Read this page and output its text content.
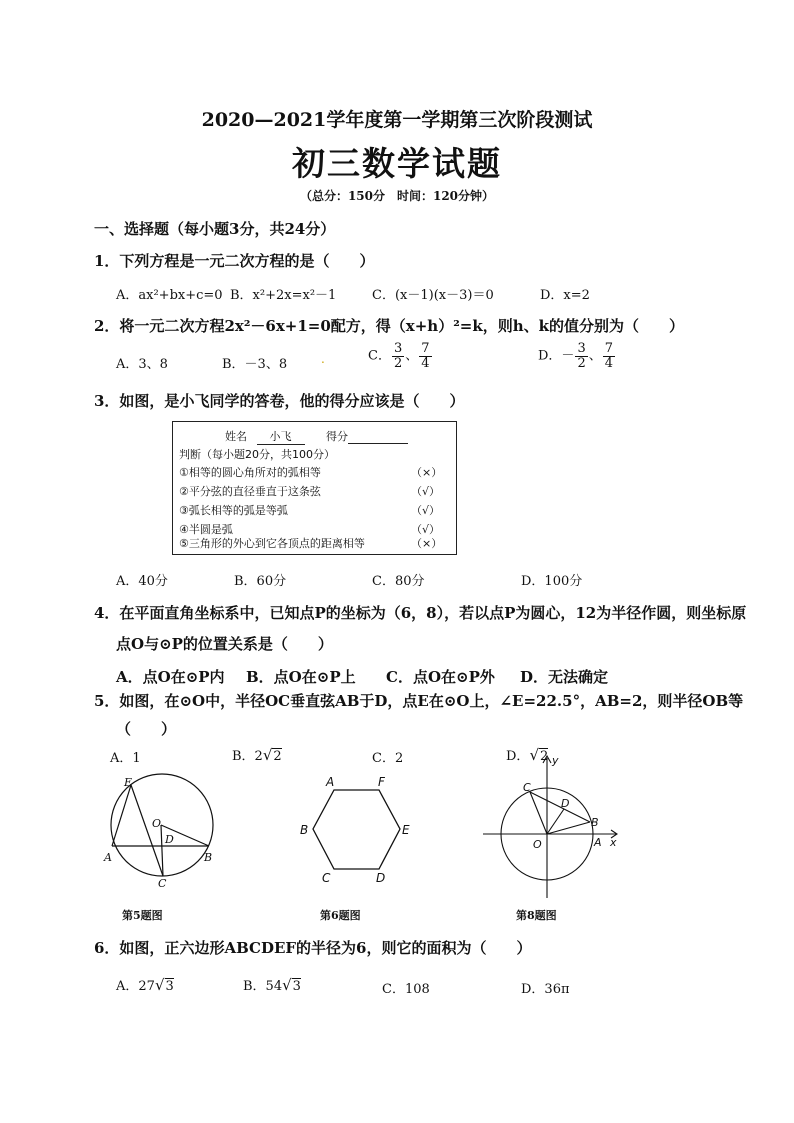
2020—2021学年度第一学期第三次阶段测试
初三数学试题
（总分：150分　时间：120分钟）
一、选择题（每小题3分，共24分）
1．下列方程是一元二次方程的是（　　）
A．ax²+bx+c=0 B．x²+2x=x²－1	C．(x－1)(x－3)＝0	D．x=2
2．将一元二次方程2x²－6x+1=0配方，得（x+h）²=k，则h、k的值分别为（　　）
A．3、8	B．－3、8	.	C． $\frac{3}{2}$ 、 $\frac{7}{4}$	D．－ $\frac{3}{2}$ 、 $\frac{7}{4}$
3．如图，是小飞同学的答卷，他的得分应该是（　　）
姓名 小飞	得分
判断（每小题20分，共100分）
①相等的圆心角所对的弧相等	（×）
②平分弦的直径垂直于这条弦	（√）
③弧长相等的弧是等弧	（√）
④半圆是弧	（√）
⑤三角形的外心到它各顶点的距离相等	（×）
A．40分	B．60分	C．80分	D．100分
4．在平面直角坐标系中，已知点P的坐标为（6，8），若以点P为圆心，12为半径作圆，则坐标原
点O与⊙P的位置关系是（　　）
A．点O在⊙P内 B．点O在⊙P上 C．点O在⊙P外 D．无法确定
5．如图，在⊙O中，半径OC垂直弦AB于D，点E在⊙O上，∠E=22.5°，AB=2，则半径OB等
（　　）
A．1	B．2√2	C．2	D．√2
E
O
D
A	B
C
第5题图
A	F
B	E
C	D
第6题图
y
C
D
B
O	A x
第8题图
6．如图，正六边形ABCDEF的半径为6，则它的面积为（　　）
A．27√3	B．54√3	C．108	D．36π
